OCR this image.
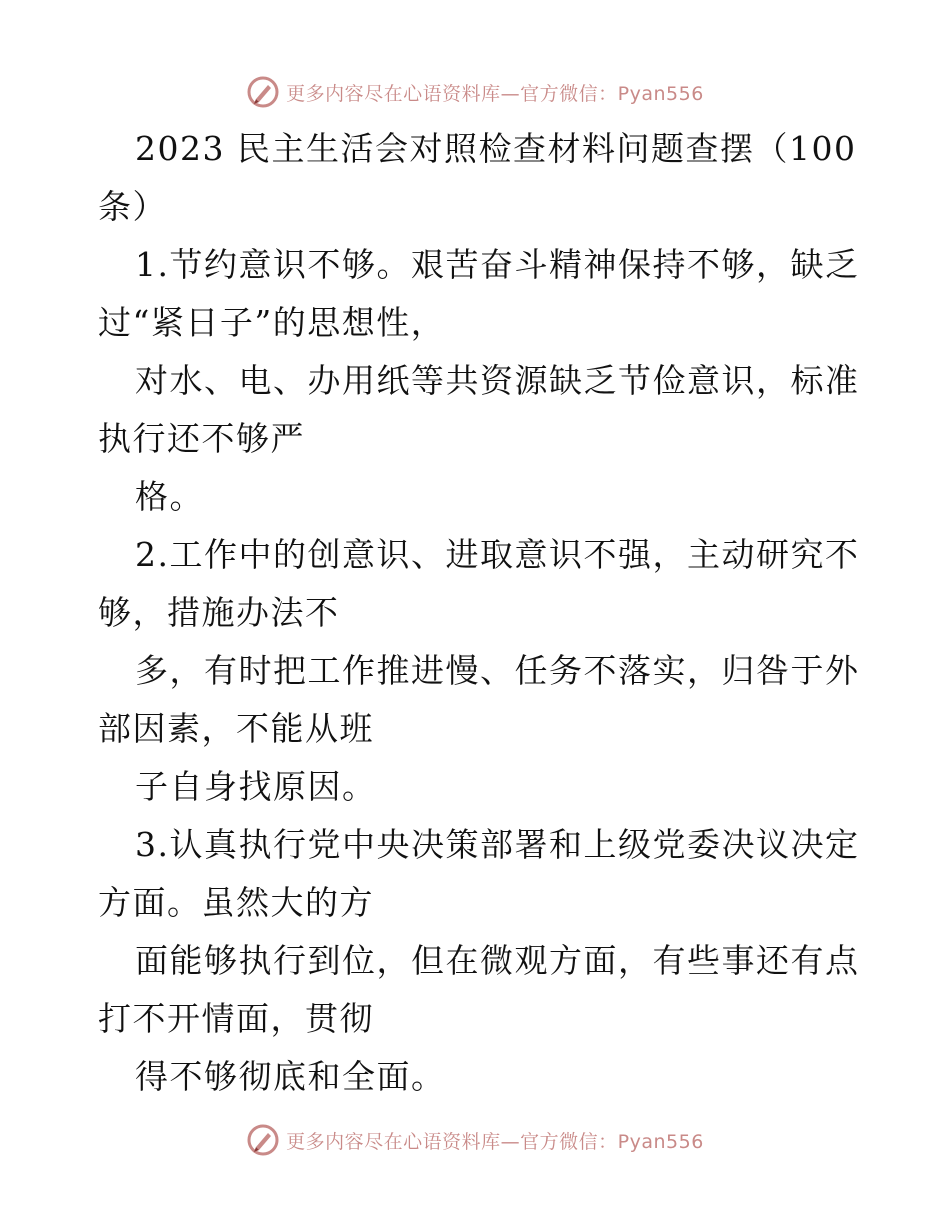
更多内容尽在心语资料库—官方微信：Pyan556
2023 民主生活会对照检查材料问题查摆（100
条）
1.节约意识不够。艰苦奋斗精神保持不够，缺乏
过“紧日子”的思想性，
对水、电、办用纸等共资源缺乏节俭意识，标准
执行还不够严
格。
2.工作中的创意识、进取意识不强，主动研究不
够，措施办法不
多，有时把工作推进慢、任务不落实，归咎于外
部因素，不能从班
子自身找原因。
3.认真执行党中央决策部署和上级党委决议决定
方面。虽然大的方
面能够执行到位，但在微观方面，有些事还有点
打不开情面，贯彻
得不够彻底和全面。
更多内容尽在心语资料库—官方微信：Pyan556
